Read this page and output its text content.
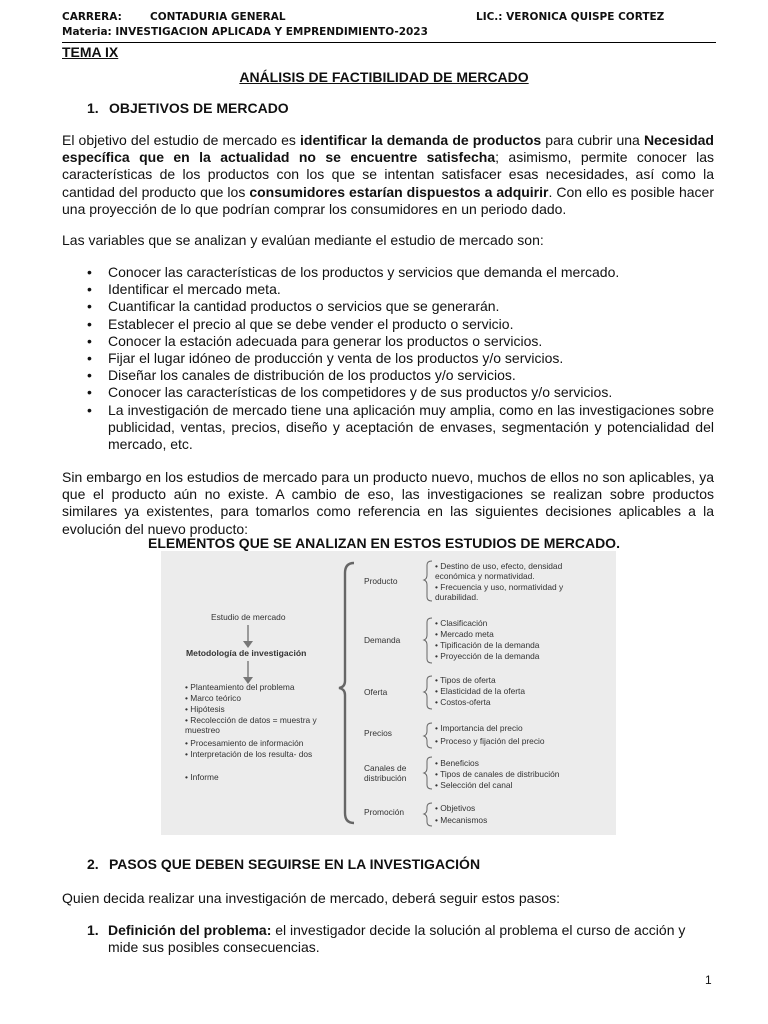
CARRERA:	CONTADURIA GENERAL	LIC.: VERONICA QUISPE CORTEZ
Materia: INVESTIGACION APLICADA Y EMPRENDIMIENTO-2023
TEMA IX
ANÁLISIS DE FACTIBILIDAD DE MERCADO
1. OBJETIVOS DE MERCADO
El objetivo del estudio de mercado es identificar la demanda de productos para cubrir una Necesidad específica que en la actualidad no se encuentre satisfecha; asimismo, permite conocer las características de los productos con los que se intentan satisfacer esas necesidades, así como la cantidad del producto que los consumidores estarían dispuestos a adquirir. Con ello es posible hacer una proyección de lo que podrían comprar los consumidores en un periodo dado.
Las variables que se analizan y evalúan mediante el estudio de mercado son:
• Conocer las características de los productos y servicios que demanda el mercado.
• Identificar el mercado meta.
• Cuantificar la cantidad productos o servicios que se generarán.
• Establecer el precio al que se debe vender el producto o servicio.
• Conocer la estación adecuada para generar los productos o servicios.
• Fijar el lugar idóneo de producción y venta de los productos y/o servicios.
• Diseñar los canales de distribución de los productos y/o servicios.
• Conocer las características de los competidores y de sus productos y/o servicios.
• La investigación de mercado tiene una aplicación muy amplia, como en las investigaciones sobre publicidad, ventas, precios, diseño y aceptación de envases, segmentación y potencialidad del mercado, etc.
Sin embargo en los estudios de mercado para un producto nuevo, muchos de ellos no son aplicables, ya que el producto aún no existe. A cambio de eso, las investigaciones se realizan sobre productos similares ya existentes, para tomarlos como referencia en las siguientes decisiones aplicables a la evolución del nuevo producto:
ELEMENTOS QUE SE ANALIZAN EN ESTOS ESTUDIOS DE MERCADO.
Estudio de mercado
Metodología de investigación
• Planteamiento del problema
• Marco teórico
• Hipótesis
• Recolección de datos = muestra y muestreo
• Procesamiento de información
• Interpretación de los resulta- dos
• Informe
Producto
• Destino de uso, efecto, densidad económica y normatividad.
• Frecuencia y uso, normatividad y durabilidad.
Demanda
• Clasificación
• Mercado meta
• Tipificación de la demanda
• Proyección de la demanda
Oferta
• Tipos de oferta
• Elasticidad de la oferta
• Costos-oferta
Precios	• Importancia del precio
• Proceso y fijación del precio
Canales de distribución
• Beneficios
• Tipos de canales de distribución
• Selección del canal
Promoción	• Objetivos
• Mecanismos
2. PASOS QUE DEBEN SEGUIRSE EN LA INVESTIGACIÓN
Quien decida realizar una investigación de mercado, deberá seguir estos pasos:
1. Definición del problema: el investigador decide la solución al problema el curso de acción y mide sus posibles consecuencias.
1
